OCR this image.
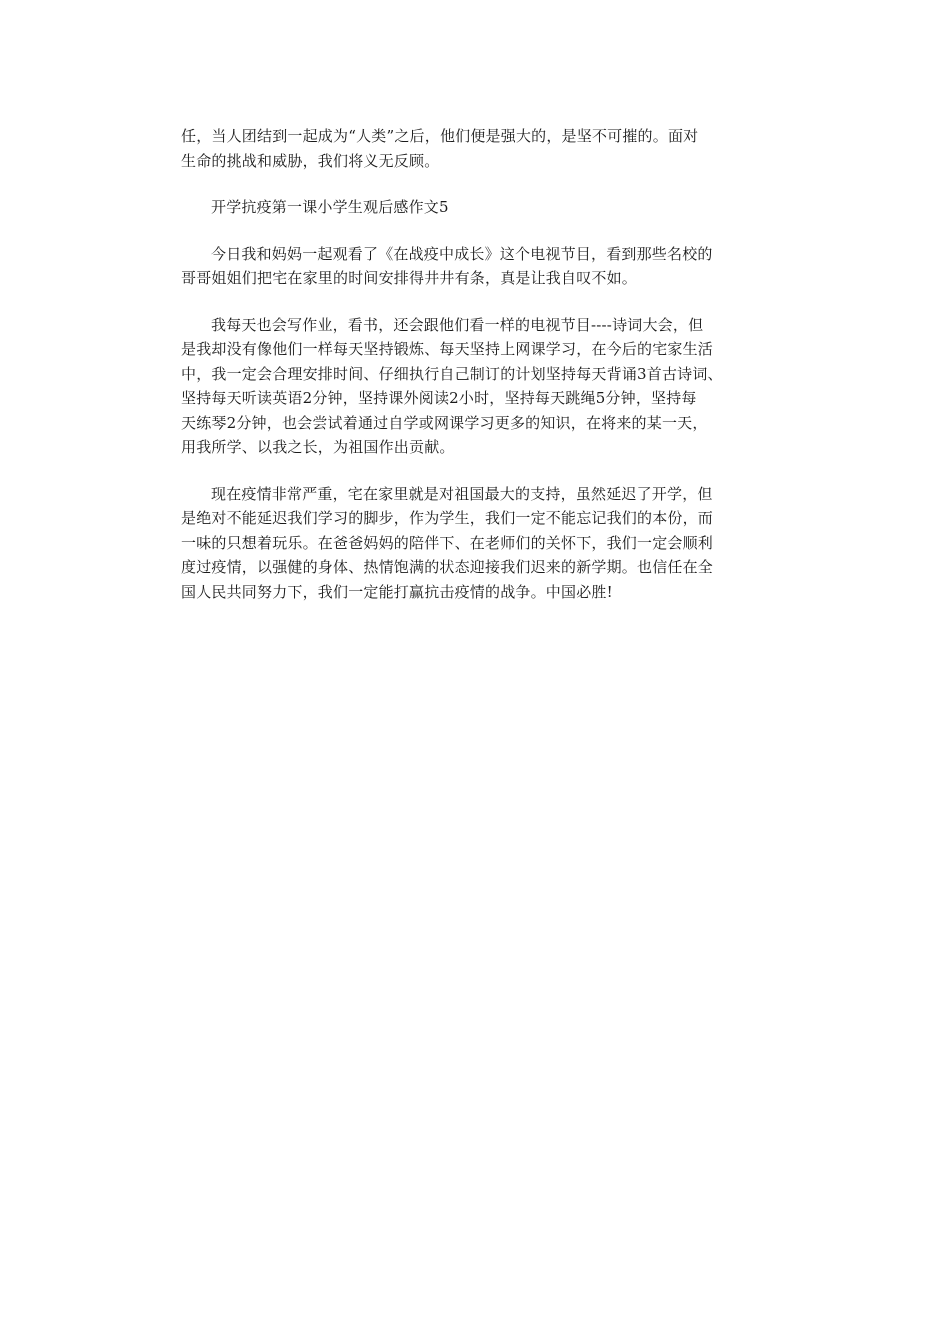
任，当人团结到一起成为“人类”之后，他们便是强大的，是坚不可摧的。面对
生命的挑战和威胁，我们将义无反顾。
开学抗疫第一课小学生观后感作文5
今日我和妈妈一起观看了《在战疫中成长》这个电视节目，看到那些名校的
哥哥姐姐们把宅在家里的时间安排得井井有条，真是让我自叹不如。
我每天也会写作业，看书，还会跟他们看一样的电视节目----诗词大会，但
是我却没有像他们一样每天坚持锻炼、每天坚持上网课学习，在今后的宅家生活
中，我一定会合理安排时间、仔细执行自己制订的计划坚持每天背诵3首古诗词、
坚持每天听读英语2分钟，坚持课外阅读2小时，坚持每天跳绳5分钟，坚持每
天练琴2分钟，也会尝试着通过自学或网课学习更多的知识，在将来的某一天，
用我所学、以我之长，为祖国作出贡献。
现在疫情非常严重，宅在家里就是对祖国最大的支持，虽然延迟了开学，但
是绝对不能延迟我们学习的脚步，作为学生，我们一定不能忘记我们的本份，而
一味的只想着玩乐。在爸爸妈妈的陪伴下、在老师们的关怀下，我们一定会顺利
度过疫情，以强健的身体、热情饱满的状态迎接我们迟来的新学期。也信任在全
国人民共同努力下，我们一定能打赢抗击疫情的战争。中国必胜!
